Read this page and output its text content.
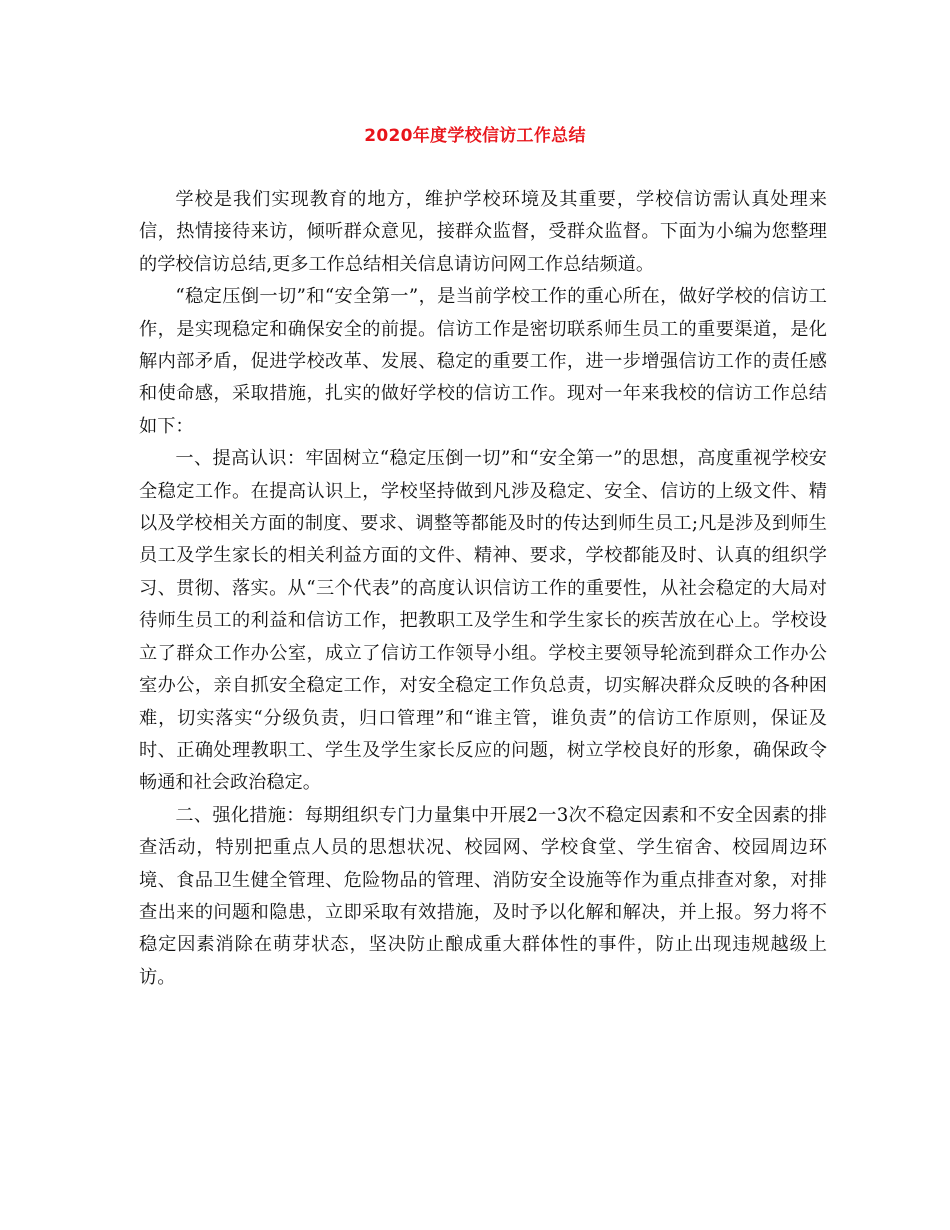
2020年度学校信访工作总结

学校是我们实现教育的地方，维护学校环境及其重要，学校信访需认真处理来信，热情接待来访，倾听群众意见，接群众监督，受群众监督。下面为小编为您整理的学校信访总结,更多工作总结相关信息请访问网工作总结频道。

“稳定压倒一切”和“安全第一”，是当前学校工作的重心所在，做好学校的信访工作，是实现稳定和确保安全的前提。信访工作是密切联系师生员工的重要渠道，是化解内部矛盾，促进学校改革、发展、稳定的重要工作，进一步增强信访工作的责任感和使命感，采取措施，扎实的做好学校的信访工作。现对一年来我校的信访工作总结如下：

一、提高认识：牢固树立“稳定压倒一切”和“安全第一”的思想，高度重视学校安全稳定工作。在提高认识上，学校坚持做到凡涉及稳定、安全、信访的上级文件、精以及学校相关方面的制度、要求、调整等都能及时的传达到师生员工;凡是涉及到师生员工及学生家长的相关利益方面的文件、精神、要求，学校都能及时、认真的组织学习、贯彻、落实。从“三个代表”的高度认识信访工作的重要性，从社会稳定的大局对待师生员工的利益和信访工作，把教职工及学生和学生家长的疾苦放在心上。学校设立了群众工作办公室，成立了信访工作领导小组。学校主要领导轮流到群众工作办公室办公，亲自抓安全稳定工作，对安全稳定工作负总责，切实解决群众反映的各种困难，切实落实“分级负责，归口管理”和“谁主管，谁负责”的信访工作原则，保证及时、正确处理教职工、学生及学生家长反应的问题，树立学校良好的形象，确保政令畅通和社会政治稳定。

二、强化措施：每期组织专门力量集中开展2一3次不稳定因素和不安全因素的排查活动，特别把重点人员的思想状况、校园网、学校食堂、学生宿舍、校园周边环境、食品卫生健全管理、危险物品的管理、消防安全设施等作为重点排查对象，对排查出来的问题和隐患，立即采取有效措施，及时予以化解和解决，并上报。努力将不稳定因素消除在萌芽状态，坚决防止酿成重大群体性的事件，防止出现违规越级上访。
